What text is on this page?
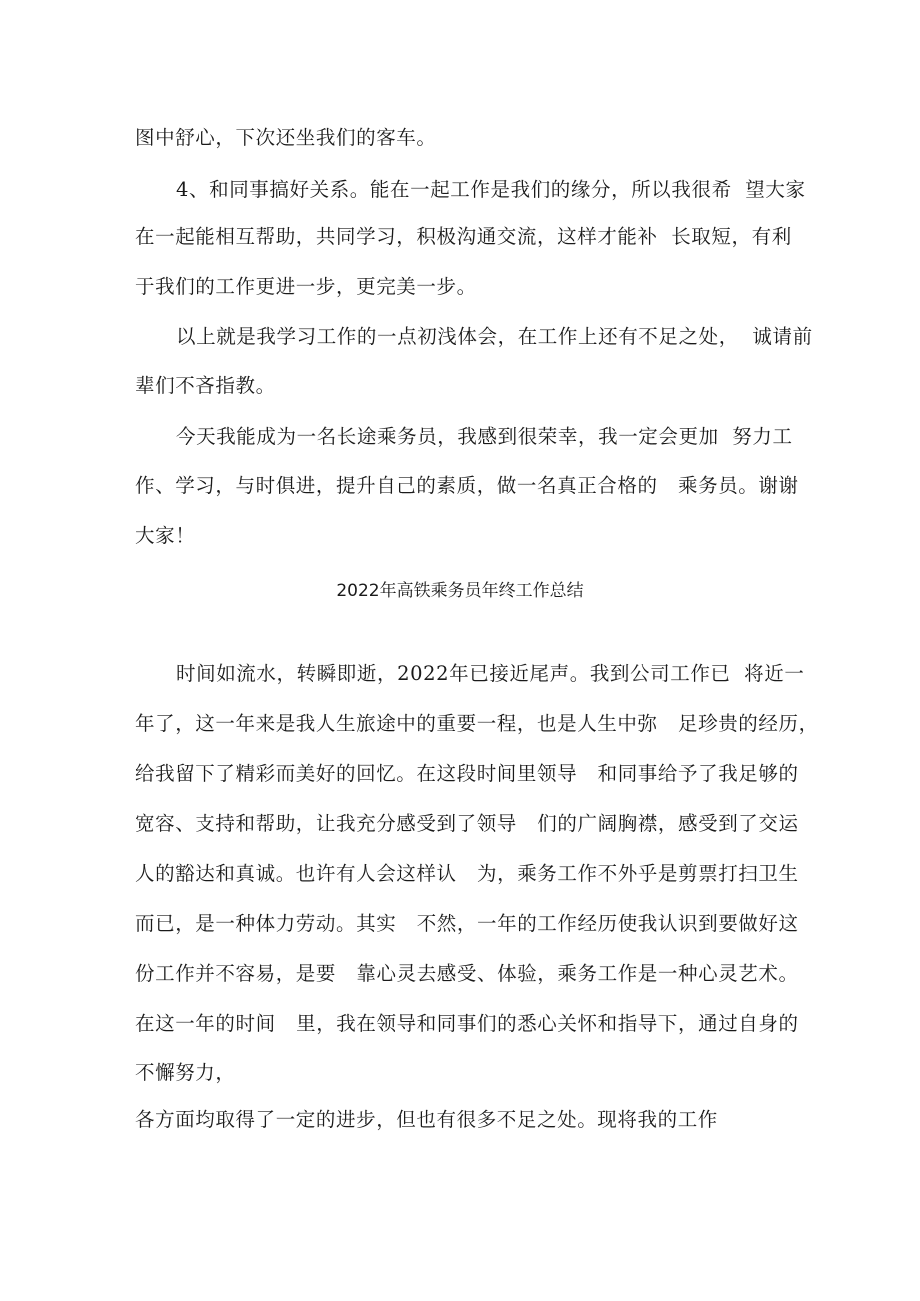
图中舒心，下次还坐我们的客车。
4、和同事搞好关系。能在一起工作是我们的缘分，所以我很希  望大家
在一起能相互帮助，共同学习，积极沟通交流，这样才能补  长取短，有利
于我们的工作更进一步，更完美一步。
以上就是我学习工作的一点初浅体会，在工作上还有不足之处，  诚请前
辈们不吝指教。
今天我能成为一名长途乘务员，我感到很荣幸，我一定会更加  努力工
作、学习，与时俱进，提升自己的素质，做一名真正合格的   乘务员。谢谢
大家！
2022年高铁乘务员年终工作总结
时间如流水，转瞬即逝，2022年已接近尾声。我到公司工作已  将近一
年了，这一年来是我人生旅途中的重要一程，也是人生中弥   足珍贵的经历，
给我留下了精彩而美好的回忆。在这段时间里领导   和同事给予了我足够的
宽容、支持和帮助，让我充分感受到了领导   们的广阔胸襟，感受到了交运
人的豁达和真诚。也许有人会这样认   为，乘务工作不外乎是剪票打扫卫生
而已，是一种体力劳动。其实   不然，一年的工作经历使我认识到要做好这
份工作并不容易，是要   靠心灵去感受、体验，乘务工作是一种心灵艺术。
在这一年的时间   里，我在领导和同事们的悉心关怀和指导下，通过自身的
不懈努力，
各方面均取得了一定的进步，但也有很多不足之处。现将我的工作
